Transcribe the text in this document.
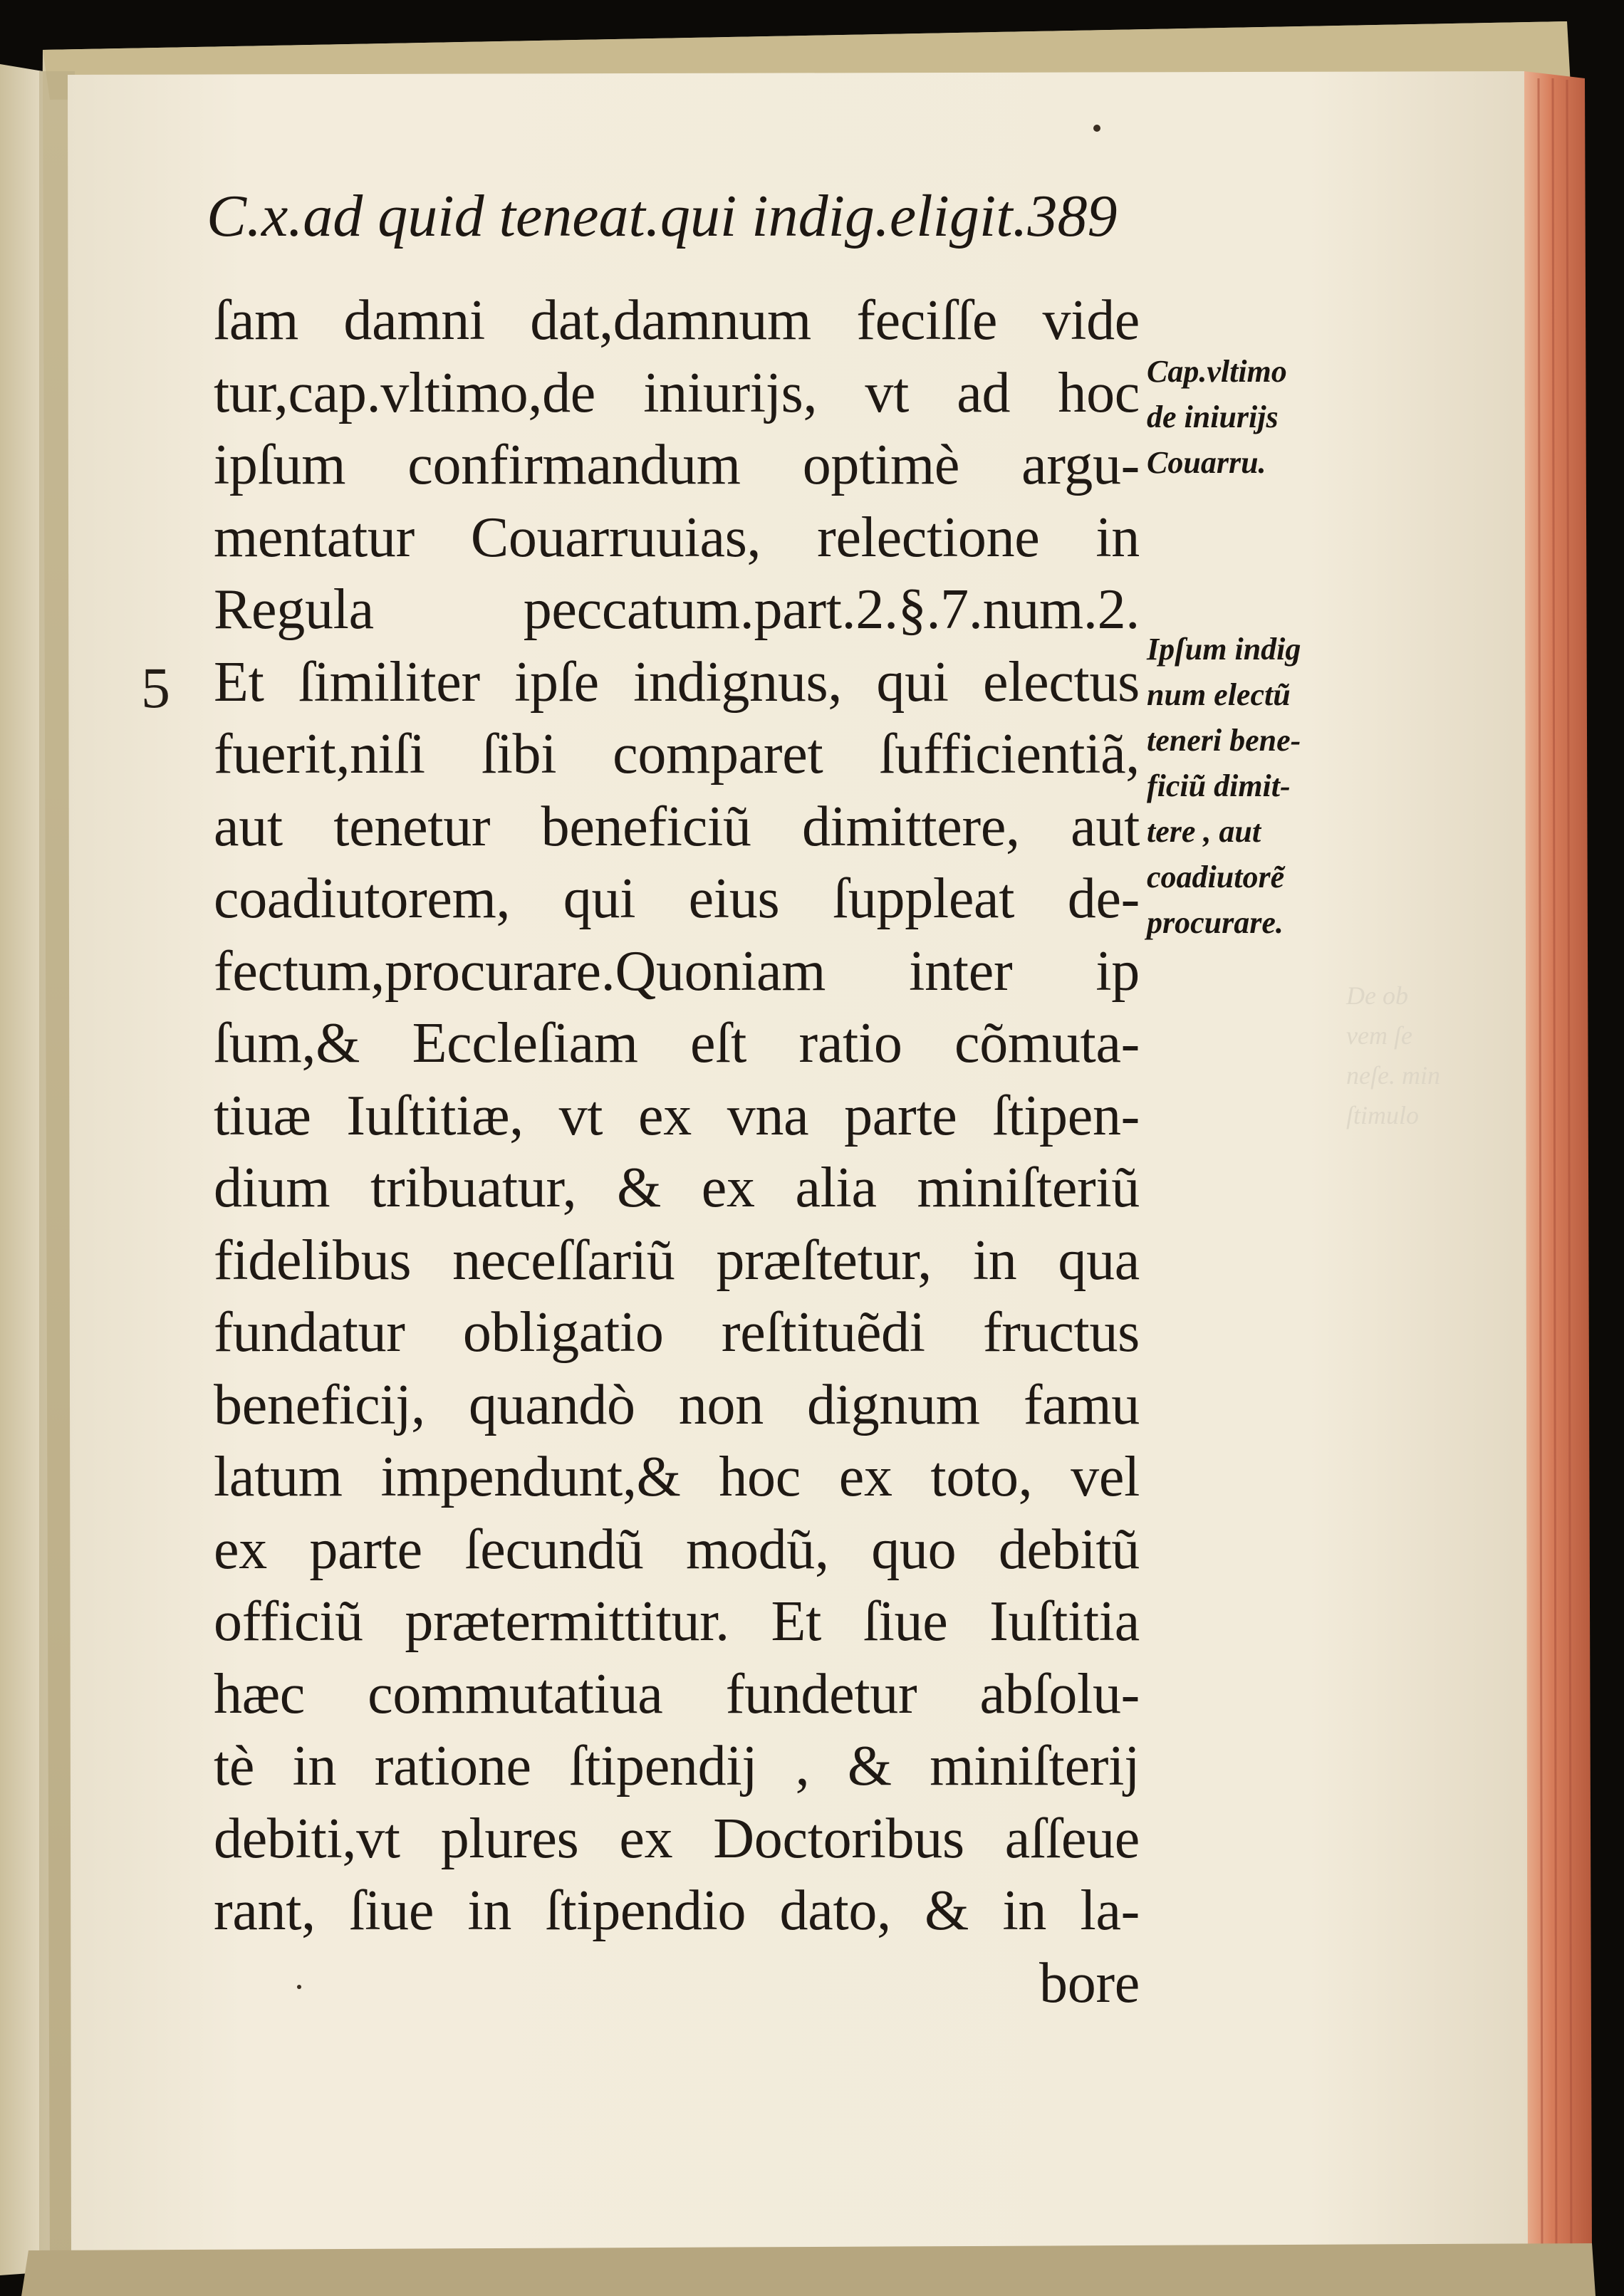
C.x.ad quid teneat.qui indig.eligit.389
5
ſam damni dat,damnum feciſſe vide
tur,cap.vltimo,de iniurijs, vt ad hoc
ipſum confirmandum optimè argu-
mentatur Couarruuias, relectione in
Regula peccatum.part.2.§.7.num.2.
Et ſimiliter ipſe indignus, qui electus
fuerit,niſi ſibi comparet ſufficientiã,
aut tenetur beneficiũ dimittere, aut
coadiutorem, qui eius ſuppleat de-
fectum,procurare.Quoniam inter ip
ſum,& Eccleſiam eſt ratio cõmuta-
tiuæ Iuſtitiæ, vt ex vna parte ſtipen-
dium tribuatur, & ex alia miniſteriũ
fidelibus neceſſariũ præſtetur, in qua
fundatur obligatio reſtituẽdi fructus
beneficij, quandò non dignum famu
latum impendunt,& hoc ex toto, vel
ex parte ſecundũ modũ, quo debitũ
officiũ prætermittitur. Et ſiue Iuſtitia
hæc commutatiua fundetur abſolu-
tè in ratione ſtipendij , & miniſterij
debiti,vt plures ex Doctoribus aſſeue
rant, ſiue in ſtipendio dato, & in la-
bore
Cap.vltimo
de iniurijs
Couarru.
Ipſum indig
num electũ
teneri bene-
ficiũ dimit-
tere , aut
coadiutorẽ
procurare.
De ob
vem ſe
neſe. min
ſtimulo
